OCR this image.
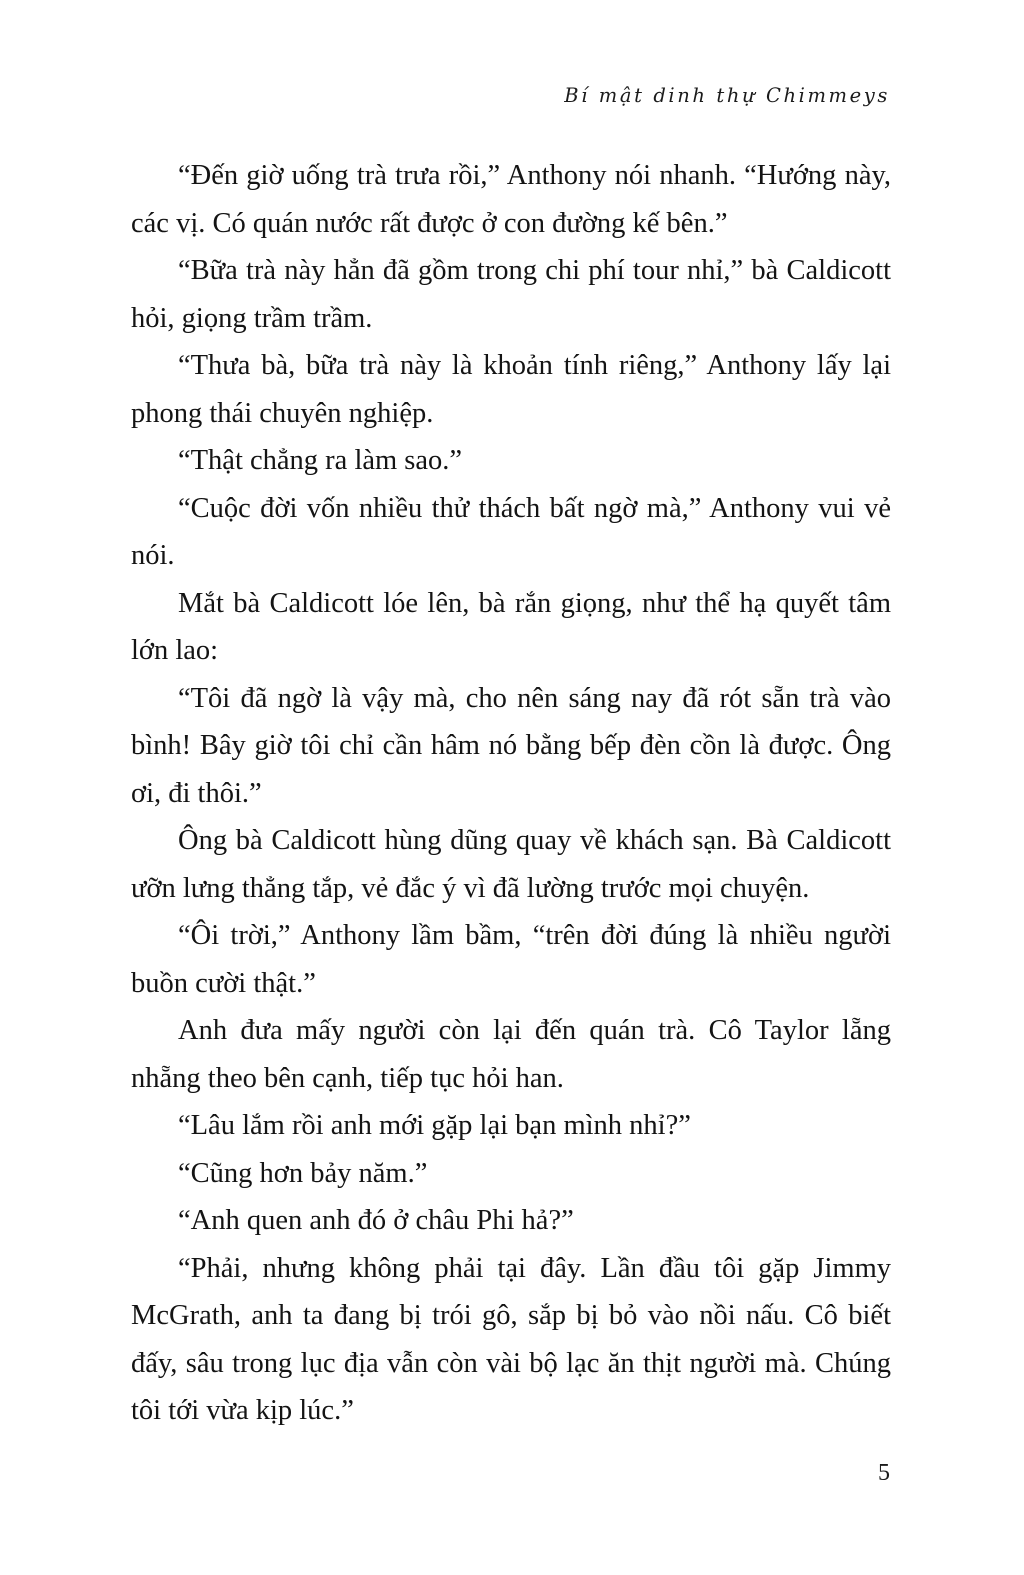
Bí mật dinh thự Chimmeys

“Đến giờ uống trà trưa rồi,” Anthony nói nhanh. “Hướng này, các vị. Có quán nước rất được ở con đường kế bên.”

“Bữa trà này hẳn đã gồm trong chi phí tour nhỉ,” bà Caldicott hỏi, giọng trầm trầm.

“Thưa bà, bữa trà này là khoản tính riêng,” Anthony lấy lại phong thái chuyên nghiệp.

“Thật chẳng ra làm sao.”

“Cuộc đời vốn nhiều thử thách bất ngờ mà,” Anthony vui vẻ nói.

Mắt bà Caldicott lóe lên, bà rắn giọng, như thể hạ quyết tâm lớn lao:

“Tôi đã ngờ là vậy mà, cho nên sáng nay đã rót sẵn trà vào bình! Bây giờ tôi chỉ cần hâm nó bằng bếp đèn cồn là được. Ông ơi, đi thôi.”

Ông bà Caldicott hùng dũng quay về khách sạn. Bà Caldicott ưỡn lưng thẳng tắp, vẻ đắc ý vì đã lường trước mọi chuyện.

“Ôi trời,” Anthony lầm bầm, “trên đời đúng là nhiều người buồn cười thật.”

Anh đưa mấy người còn lại đến quán trà. Cô Taylor lẵng nhẵng theo bên cạnh, tiếp tục hỏi han.

“Lâu lắm rồi anh mới gặp lại bạn mình nhỉ?”

“Cũng hơn bảy năm.”

“Anh quen anh đó ở châu Phi hả?”

“Phải, nhưng không phải tại đây. Lần đầu tôi gặp Jimmy McGrath, anh ta đang bị trói gô, sắp bị bỏ vào nồi nấu. Cô biết đấy, sâu trong lục địa vẫn còn vài bộ lạc ăn thịt người mà. Chúng tôi tới vừa kịp lúc.”

5
